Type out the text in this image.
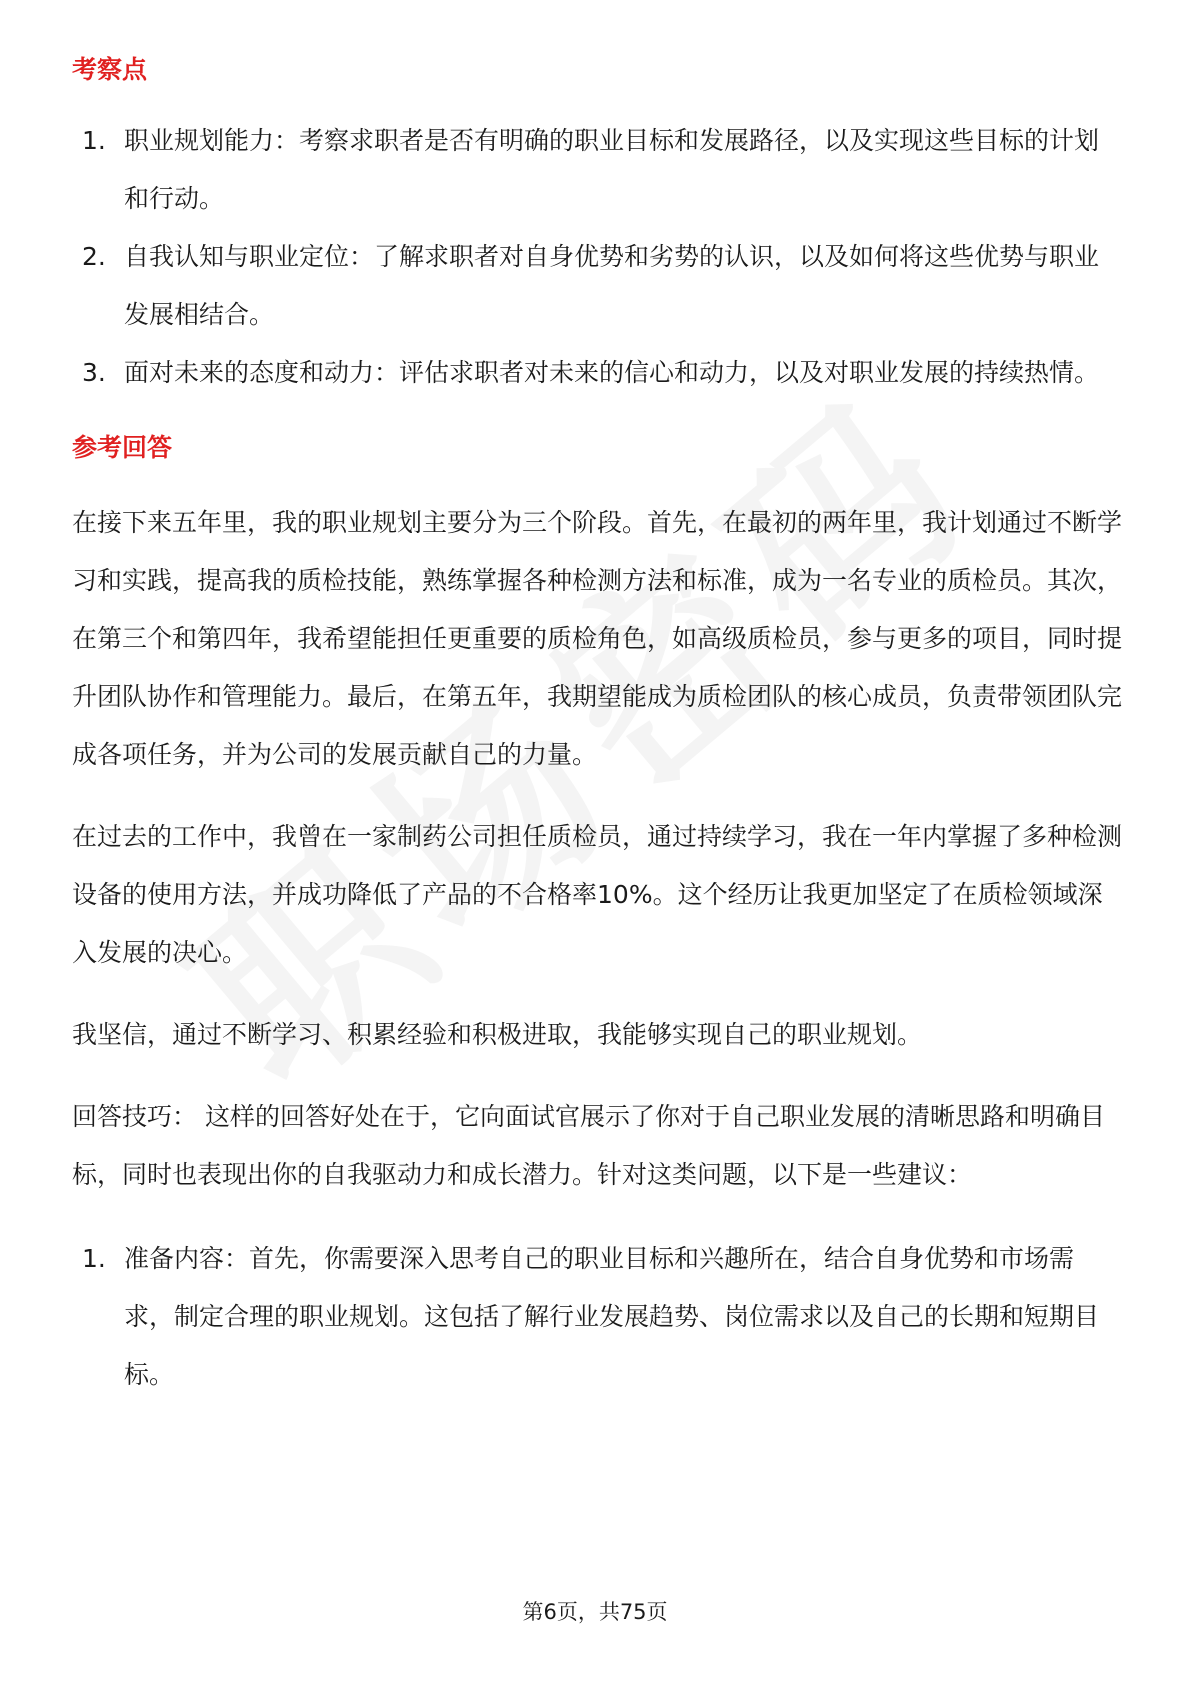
考察点
1. 职业规划能力：考察求职者是否有明确的职业目标和发展路径，以及实现这些目标的计划和行动。
2. 自我认知与职业定位：了解求职者对自身优势和劣势的认识，以及如何将这些优势与职业发展相结合。
3. 面对未来的态度和动力：评估求职者对未来的信心和动力，以及对职业发展的持续热情。
参考回答

在接下来五年里，我的职业规划主要分为三个阶段。首先，在最初的两年里，我计划通过不断学习和实践，提高我的质检技能，熟练掌握各种检测方法和标准，成为一名专业的质检员。其次，在第三个和第四年，我希望能担任更重要的质检角色，如高级质检员，参与更多的项目，同时提升团队协作和管理能力。最后，在第五年，我期望能成为质检团队的核心成员，负责带领团队完成各项任务，并为公司的发展贡献自己的力量。

在过去的工作中，我曾在一家制药公司担任质检员，通过持续学习，我在一年内掌握了多种检测设备的使用方法，并成功降低了产品的不合格率10%。这个经历让我更加坚定了在质检领域深入发展的决心。

我坚信，通过不断学习、积累经验和积极进取，我能够实现自己的职业规划。

回答技巧： 这样的回答好处在于，它向面试官展示了你对于自己职业发展的清晰思路和明确目标，同时也表现出你的自我驱动力和成长潜力。针对这类问题，以下是一些建议：

1. 准备内容：首先，你需要深入思考自己的职业目标和兴趣所在，结合自身优势和市场需求，制定合理的职业规划。这包括了解行业发展趋势、岗位需求以及自己的长期和短期目标。
第6页，共75页
